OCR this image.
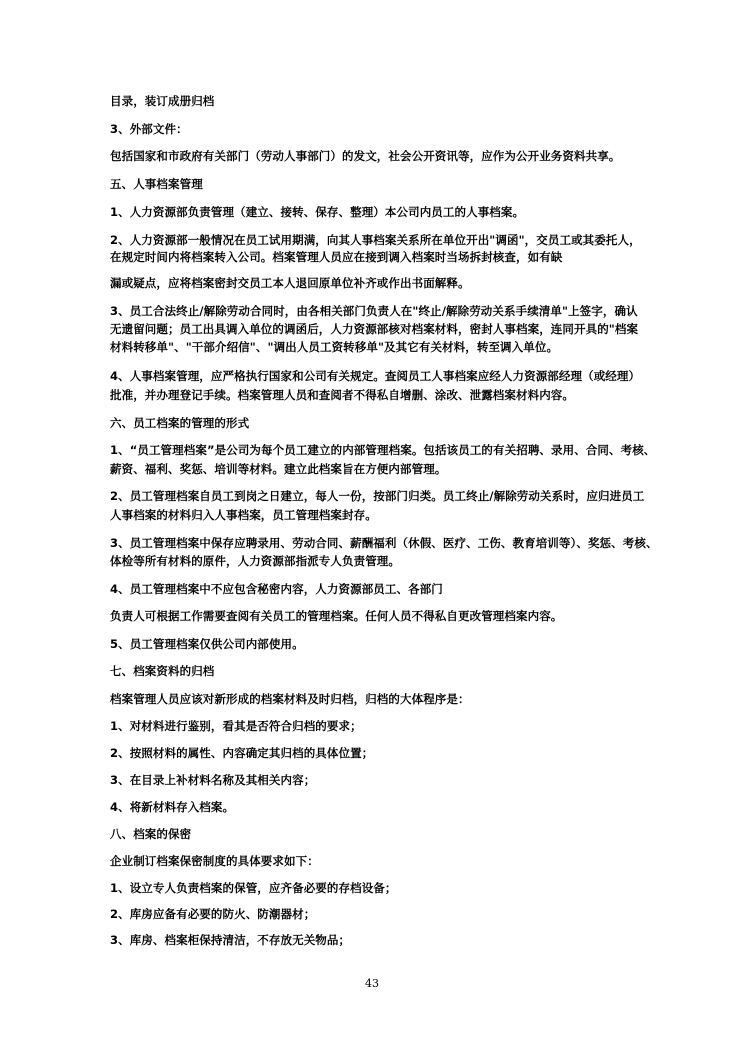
目录，装订成册归档
3、外部文件：
包括国家和市政府有关部门（劳动人事部门）的发文，社会公开资讯等，应作为公开业务资料共享。
五、人事档案管理
1、人力资源部负责管理（建立、接转、保存、整理）本公司内员工的人事档案。
2、人力资源部一般情况在员工试用期满，向其人事档案关系所在单位开出"调函"，交员工或其委托人，
在规定时间内将档案转入公司。档案管理人员应在接到调入档案时当场拆封核查，如有缺
漏或疑点，应将档案密封交员工本人退回原单位补齐或作出书面解释。
3、员工合法终止/解除劳动合同时，由各相关部门负责人在"终止/解除劳动关系手续清单"上签字，确认
无遗留问题；员工出具调入单位的调函后，人力资源部核对档案材料，密封人事档案，连同开具的"档案
材料转移单"、"干部介绍信"、"调出人员工资转移单"及其它有关材料，转至调入单位。
4、人事档案管理，应严格执行国家和公司有关规定。查阅员工人事档案应经人力资源部经理（或经理）
批准，并办理登记手续。档案管理人员和查阅者不得私自增删、涂改、泄露档案材料内容。
六、员工档案的管理的形式
1、“员工管理档案”是公司为每个员工建立的内部管理档案。包括该员工的有关招聘、录用、合同、考核、
薪资、福利、奖惩、培训等材料。建立此档案旨在方便内部管理。
2、员工管理档案自员工到岗之日建立，每人一份，按部门归类。员工终止/解除劳动关系时，应归进员工
人事档案的材料归入人事档案，员工管理档案封存。
3、员工管理档案中保存应聘录用、劳动合同、薪酬福利（休假、医疗、工伤、教育培训等）、奖惩、考核、
体检等所有材料的原件，人力资源部指派专人负责管理。
4、员工管理档案中不应包含秘密内容，人力资源部员工、各部门
负责人可根据工作需要查阅有关员工的管理档案。任何人员不得私自更改管理档案内容。
5、员工管理档案仅供公司内部使用。
七、档案资料的归档
档案管理人员应该对新形成的档案材料及时归档，归档的大体程序是：
1、对材料进行鉴别，看其是否符合归档的要求；
2、按照材料的属性、内容确定其归档的具体位置；
3、在目录上补材料名称及其相关内容；
4、将新材料存入档案。
八、档案的保密
企业制订档案保密制度的具体要求如下：
1、设立专人负责档案的保管，应齐备必要的存档设备；
2、库房应备有必要的防火、防潮器材；
3、库房、档案柜保持清洁，不存放无关物品；
43
